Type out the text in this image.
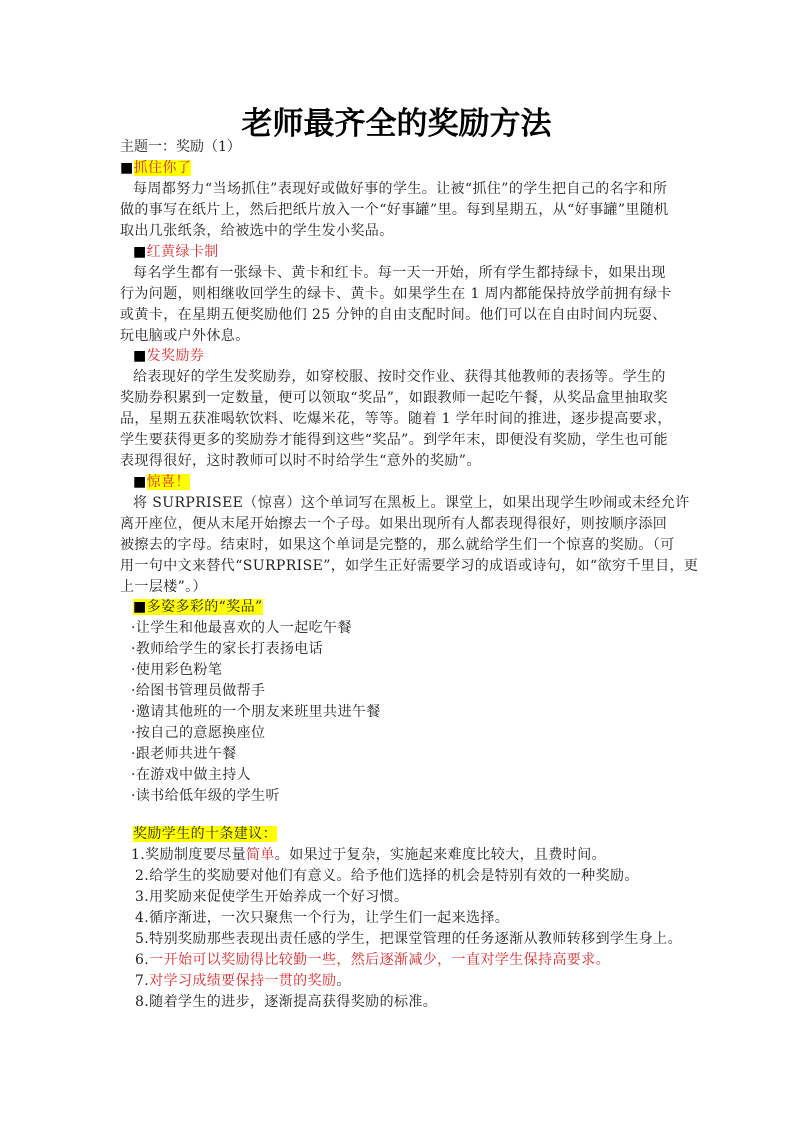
老师最齐全的奖励方法
主题一：奖励（1）
■抓住你了
每周都努力“当场抓住”表现好或做好事的学生。让被“抓住”的学生把自己的名字和所
做的事写在纸片上，然后把纸片放入一个“好事罐”里。每到星期五，从“好事罐”里随机
取出几张纸条，给被选中的学生发小奖品。
■红黄绿卡制
每名学生都有一张绿卡、黄卡和红卡。每一天一开始，所有学生都持绿卡，如果出现
行为问题，则相继收回学生的绿卡、黄卡。如果学生在 1 周内都能保持放学前拥有绿卡
或黄卡，在星期五便奖励他们 25 分钟的自由支配时间。他们可以在自由时间内玩耍、
玩电脑或户外休息。
■发奖励券
给表现好的学生发奖励券，如穿校服、按时交作业、获得其他教师的表扬等。学生的
奖励券积累到一定数量，便可以领取“奖品”，如跟教师一起吃午餐，从奖品盒里抽取奖
品，星期五获准喝软饮料、吃爆米花，等等。随着 1 学年时间的推进，逐步提高要求，
学生要获得更多的奖励券才能得到这些“奖品”。到学年末，即便没有奖励，学生也可能
表现得很好，这时教师可以时不时给学生“意外的奖励”。
■惊喜！
将 SURPRISEE（惊喜）这个单词写在黑板上。课堂上，如果出现学生吵闹或未经允许
离开座位，便从末尾开始擦去一个子母。如果出现所有人都表现得很好，则按顺序添回
被擦去的字母。结束时，如果这个单词是完整的，那么就给学生们一个惊喜的奖励。（可
用一句中文来替代“SURPRISE”，如学生正好需要学习的成语或诗句，如“欲穷千里目，更
上一层楼”。）
■多姿多彩的“奖品”
·让学生和他最喜欢的人一起吃午餐
·教师给学生的家长打表扬电话
·使用彩色粉笔
·给图书管理员做帮手
·邀请其他班的一个朋友来班里共进午餐
·按自己的意愿换座位
·跟老师共进午餐
·在游戏中做主持人
·读书给低年级的学生听
奖励学生的十条建议：
1.奖励制度要尽量简单。如果过于复杂，实施起来难度比较大，且费时间。
2.给学生的奖励要对他们有意义。给予他们选择的机会是特别有效的一种奖励。
3.用奖励来促使学生开始养成一个好习惯。
4.循序渐进，一次只聚焦一个行为，让学生们一起来选择。
5.特别奖励那些表现出责任感的学生，把课堂管理的任务逐渐从教师转移到学生身上。
6.一开始可以奖励得比较勤一些，然后逐渐减少，一直对学生保持高要求。
7.对学习成绩要保持一贯的奖励。
8.随着学生的进步，逐渐提高获得奖励的标准。
